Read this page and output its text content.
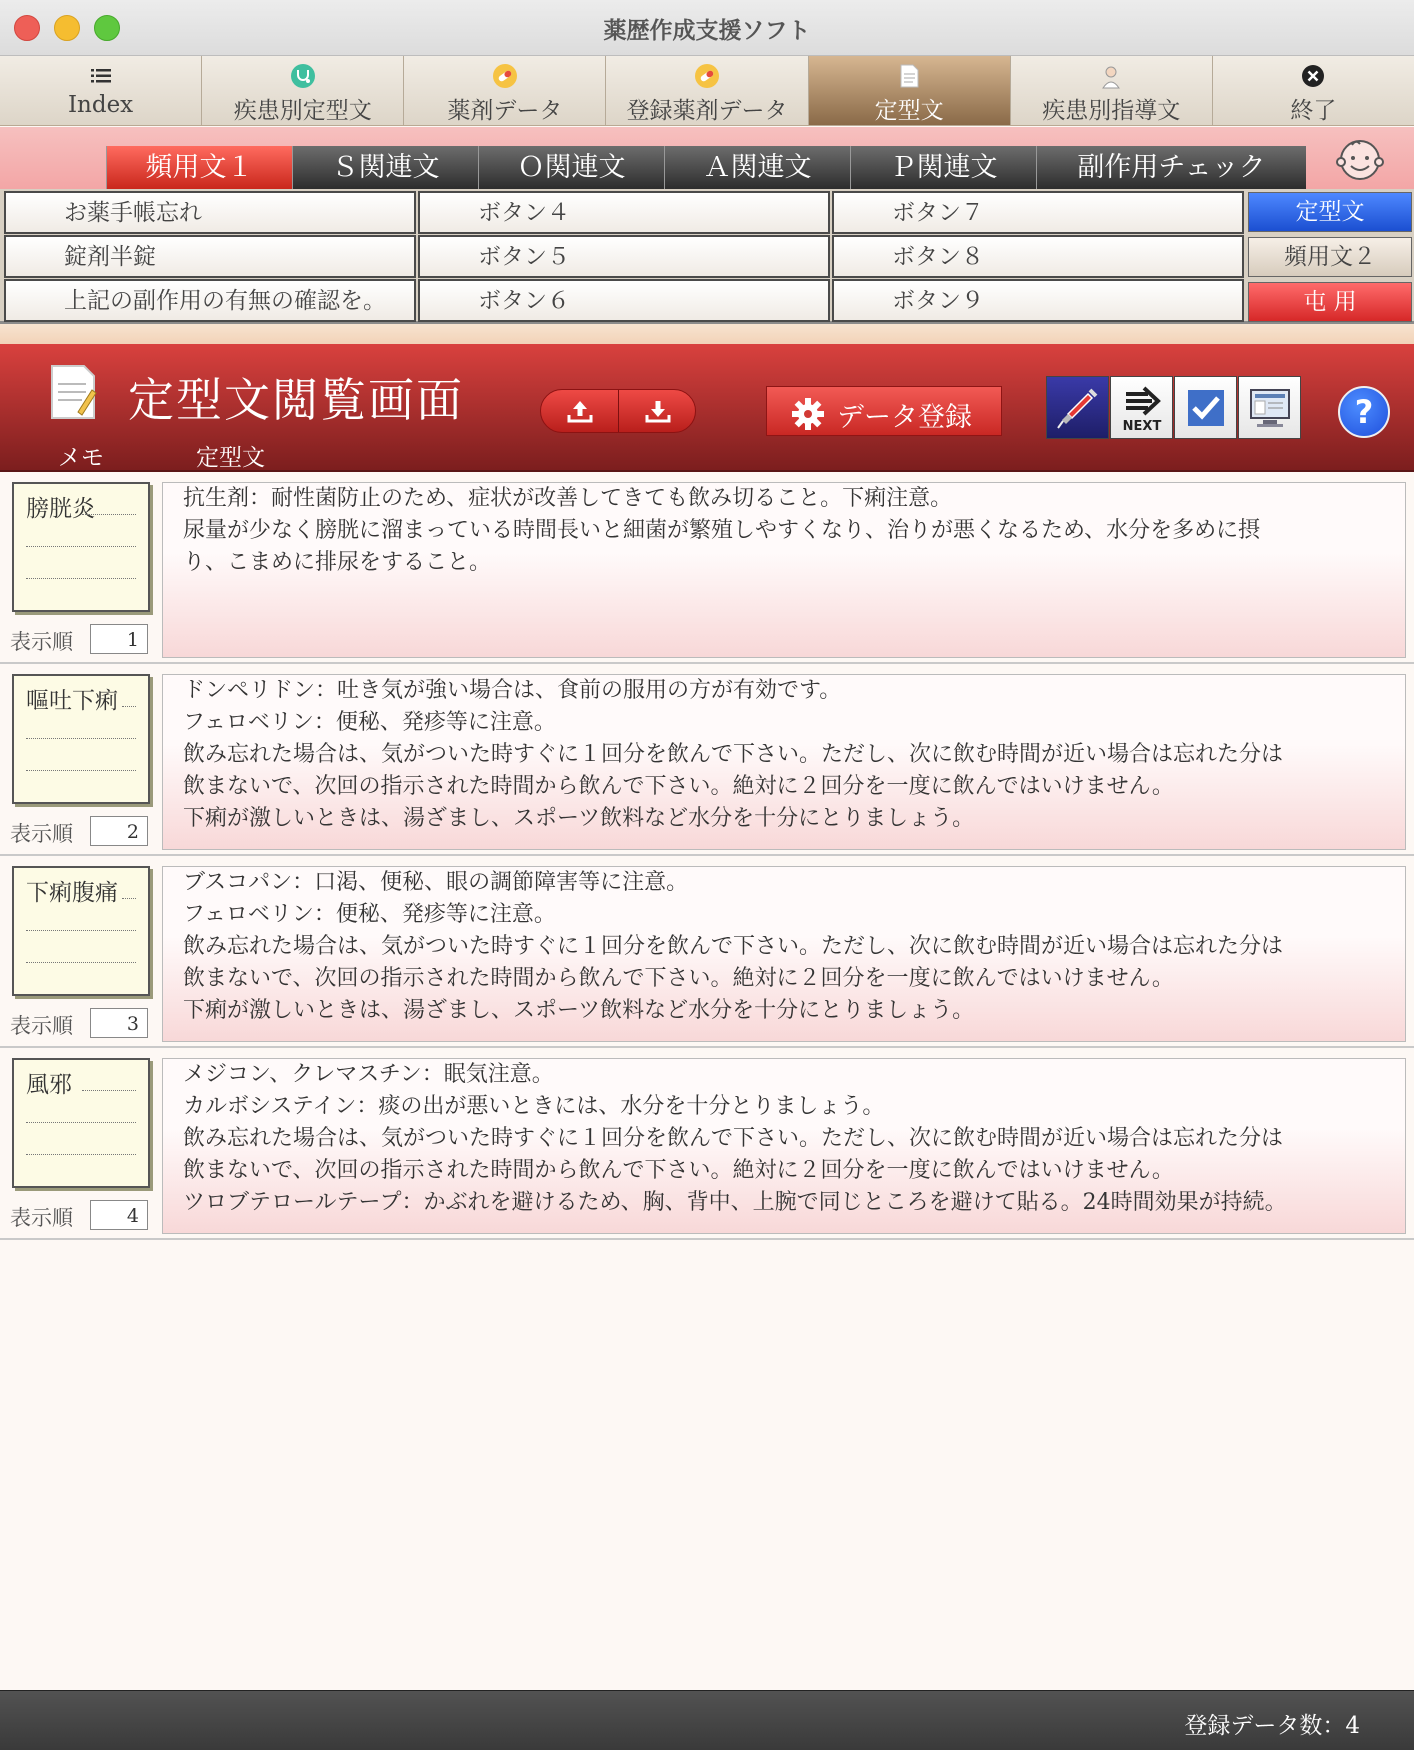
薬歴作成支援ソフト
Index	疾患別定型文	薬剤データ	登録薬剤データ	定型文	疾患別指導文	終了
頻用文１	Ｓ関連文	Ｏ関連文	Ａ関連文	Ｐ関連文	副作用チェック
お薬手帳忘れ	ボタン４	ボタン７
錠剤半錠	ボタン５	ボタン８
上記の副作用の有無の確認を。	ボタン６	ボタン９
定型文
頻用文２
屯 用
定型文閲覧画面
メモ	定型文
データ登録	NEXT	?
膀胱炎
表示順	1
抗生剤：耐性菌防止のため、症状が改善してきても飲み切ること。下痢注意。
尿量が少なく膀胱に溜まっている時間長いと細菌が繁殖しやすくなり、治りが悪くなるため、水分を多めに摂
り、こまめに排尿をすること。
嘔吐下痢
表示順	2
ドンペリドン：吐き気が強い場合は、食前の服用の方が有効です。
フェロベリン：便秘、発疹等に注意。
飲み忘れた場合は、気がついた時すぐに１回分を飲んで下さい。ただし、次に飲む時間が近い場合は忘れた分は
飲まないで、次回の指示された時間から飲んで下さい。絶対に２回分を一度に飲んではいけません。
下痢が激しいときは、湯ざまし、スポーツ飲料など水分を十分にとりましょう。
下痢腹痛
表示順	3
ブスコパン：口渇、便秘、眼の調節障害等に注意。
フェロベリン：便秘、発疹等に注意。
飲み忘れた場合は、気がついた時すぐに１回分を飲んで下さい。ただし、次に飲む時間が近い場合は忘れた分は
飲まないで、次回の指示された時間から飲んで下さい。絶対に２回分を一度に飲んではいけません。
下痢が激しいときは、湯ざまし、スポーツ飲料など水分を十分にとりましょう。
風邪
表示順	4
メジコン、クレマスチン：眠気注意。
カルボシステイン：痰の出が悪いときには、水分を十分とりましょう。
飲み忘れた場合は、気がついた時すぐに１回分を飲んで下さい。ただし、次に飲む時間が近い場合は忘れた分は
飲まないで、次回の指示された時間から飲んで下さい。絶対に２回分を一度に飲んではいけません。
ツロブテロールテープ：かぶれを避けるため、胸、背中、上腕で同じところを避けて貼る。24時間効果が持続。
登録データ数：4
